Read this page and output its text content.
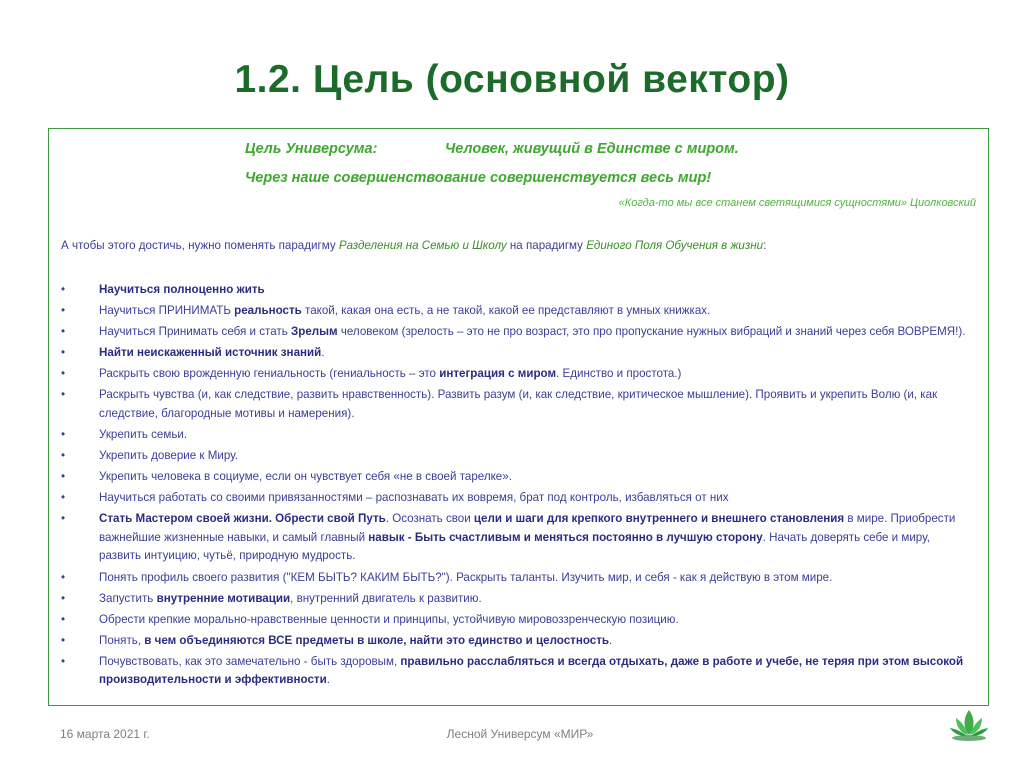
1.2. Цель (основной вектор)
Цель Универсума:	Человек, живущий в Единстве с миром.
Через наше совершенствование совершенствуется весь мир!
«Когда-то мы все станем светящимися сущностями» Циолковский
А чтобы этого достичь, нужно поменять парадигму Разделения на Семью и Школу на парадигму Единого Поля Обучения в жизни:
• Научиться полноценно жить
• Научиться ПРИНИМАТЬ реальность такой, какая она есть, а не такой, какой ее представляют в умных книжках.
• Научиться Принимать себя и стать Зрелым человеком (зрелость – это не про возраст, это про пропускание нужных вибраций и знаний через себя ВОВРЕМЯ!).
• Найти неискаженный источник знаний.
• Раскрыть свою врожденную гениальность (гениальность – это интеграция с миром. Единство и простота.)
• Раскрыть чувства (и, как следствие, развить нравственность). Развить разум (и, как следствие, критическое мышление). Проявить и укрепить Волю (и, как следствие, благородные мотивы и намерения).
• Укрепить семьи.
• Укрепить доверие к Миру.
• Укрепить человека в социуме, если он чувствует себя «не в своей тарелке».
• Научиться работать со своими привязанностями – распознавать их вовремя, брат под контроль, избавляться от них
• Стать Мастером своей жизни. Обрести свой Путь. Осознать свои цели и шаги для крепкого внутреннего и внешнего становления в мире. Приобрести важнейшие жизненные навыки, и самый главный навык - Быть счастливым и меняться постоянно в лучшую сторону. Начать доверять себе и миру, развить интуицию, чутьё, природную мудрость.
• Понять профиль своего развития ("КЕМ БЫТЬ? КАКИМ БЫТЬ?"). Раскрыть таланты. Изучить мир, и себя - как я действую в этом мире.
• Запустить внутренние мотивации, внутренний двигатель к развитию.
• Обрести крепкие морально-нравственные ценности и принципы, устойчивую мировоззренческую позицию.
• Понять, в чем объединяются ВСЕ предметы в школе, найти это единство и целостность.
• Почувствовать, как это замечательно - быть здоровым, правильно расслабляться и всегда отдыхать, даже в работе и учебе, не теряя при этом высокой производительности и эффективности.
16 марта 2021 г.	Лесной Универсум «МИР»
